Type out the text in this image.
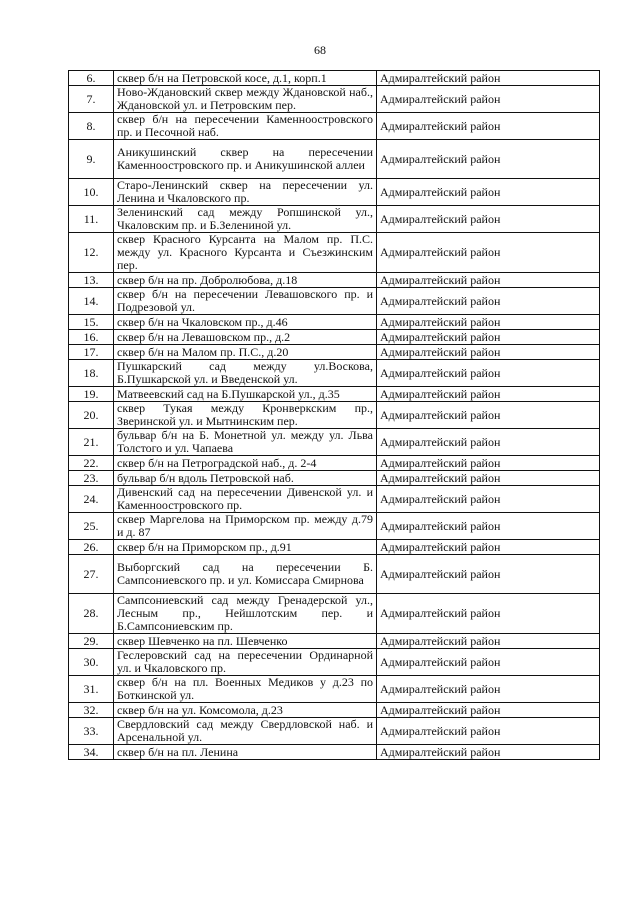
68
6.	сквер б/н на Петровской косе, д.1, корп.1	Адмиралтейский район
7.	Ново-Ждановский сквер между Ждановской наб., Ждановской ул. и Петровским пер.	Адмиралтейский район
8.	сквер б/н на пересечении Каменноостровского пр. и Песочной наб.	Адмиралтейский район
9.	Аникушинский сквер на пересечении Каменноостровского пр. и Аникушинской аллеи	Адмиралтейский район
10.	Старо-Ленинский сквер на пересечении ул. Ленина и Чкаловского пр.	Адмиралтейский район
11.	Зеленинский сад между Ропшинской ул., Чкаловским пр. и Б.Зелениной ул.	Адмиралтейский район
12.	сквер Красного Курсанта на Малом пр. П.С. между ул. Красного Курсанта и Съезжинским пер.	Адмиралтейский район
13.	сквер б/н на пр. Добролюбова, д.18	Адмиралтейский район
14.	сквер б/н на пересечении Левашовского пр. и Подрезовой ул.	Адмиралтейский район
15.	сквер б/н на Чкаловском пр., д.46	Адмиралтейский район
16.	сквер б/н на Левашовском пр., д.2	Адмиралтейский район
17.	сквер б/н на Малом пр. П.С., д.20	Адмиралтейский район
18.	Пушкарский сад между ул.Воскова, Б.Пушкарской ул. и Введенской ул.	Адмиралтейский район
19.	Матвеевский сад на Б.Пушкарской ул., д.35	Адмиралтейский район
20.	сквер Тукая между Кронверкским пр., Зверинской ул. и Мытнинским пер.	Адмиралтейский район
21.	бульвар б/н на Б. Монетной ул. между ул. Льва Толстого и ул. Чапаева	Адмиралтейский район
22.	сквер б/н на Петроградской наб., д. 2-4	Адмиралтейский район
23.	бульвар б/н вдоль Петровской наб.	Адмиралтейский район
24.	Дивенский сад на пересечении Дивенской ул. и Каменноостровского пр.	Адмиралтейский район
25.	сквер Маргелова на Приморском пр. между д.79 и д. 87	Адмиралтейский район
26.	сквер б/н на Приморском пр., д.91	Адмиралтейский район
27.	Выборгский сад на пересечении Б. Сампсониевского пр. и ул. Комиссара Смирнова	Адмиралтейский район
28.	Сампсониевский сад между Гренадерской ул., Лесным пр., Нейшлотским пер. и Б.Сампсониевским пр.	Адмиралтейский район
29.	сквер Шевченко на пл. Шевченко	Адмиралтейский район
30.	Геслеровский сад на пересечении Ординарной ул. и Чкаловского пр.	Адмиралтейский район
31.	сквер б/н на пл. Военных Медиков у д.23 по Боткинской ул.	Адмиралтейский район
32.	сквер б/н на ул. Комсомола, д.23	Адмиралтейский район
33.	Свердловский сад между Свердловской наб. и Арсенальной ул.	Адмиралтейский район
34.	сквер б/н на пл. Ленина	Адмиралтейский район
